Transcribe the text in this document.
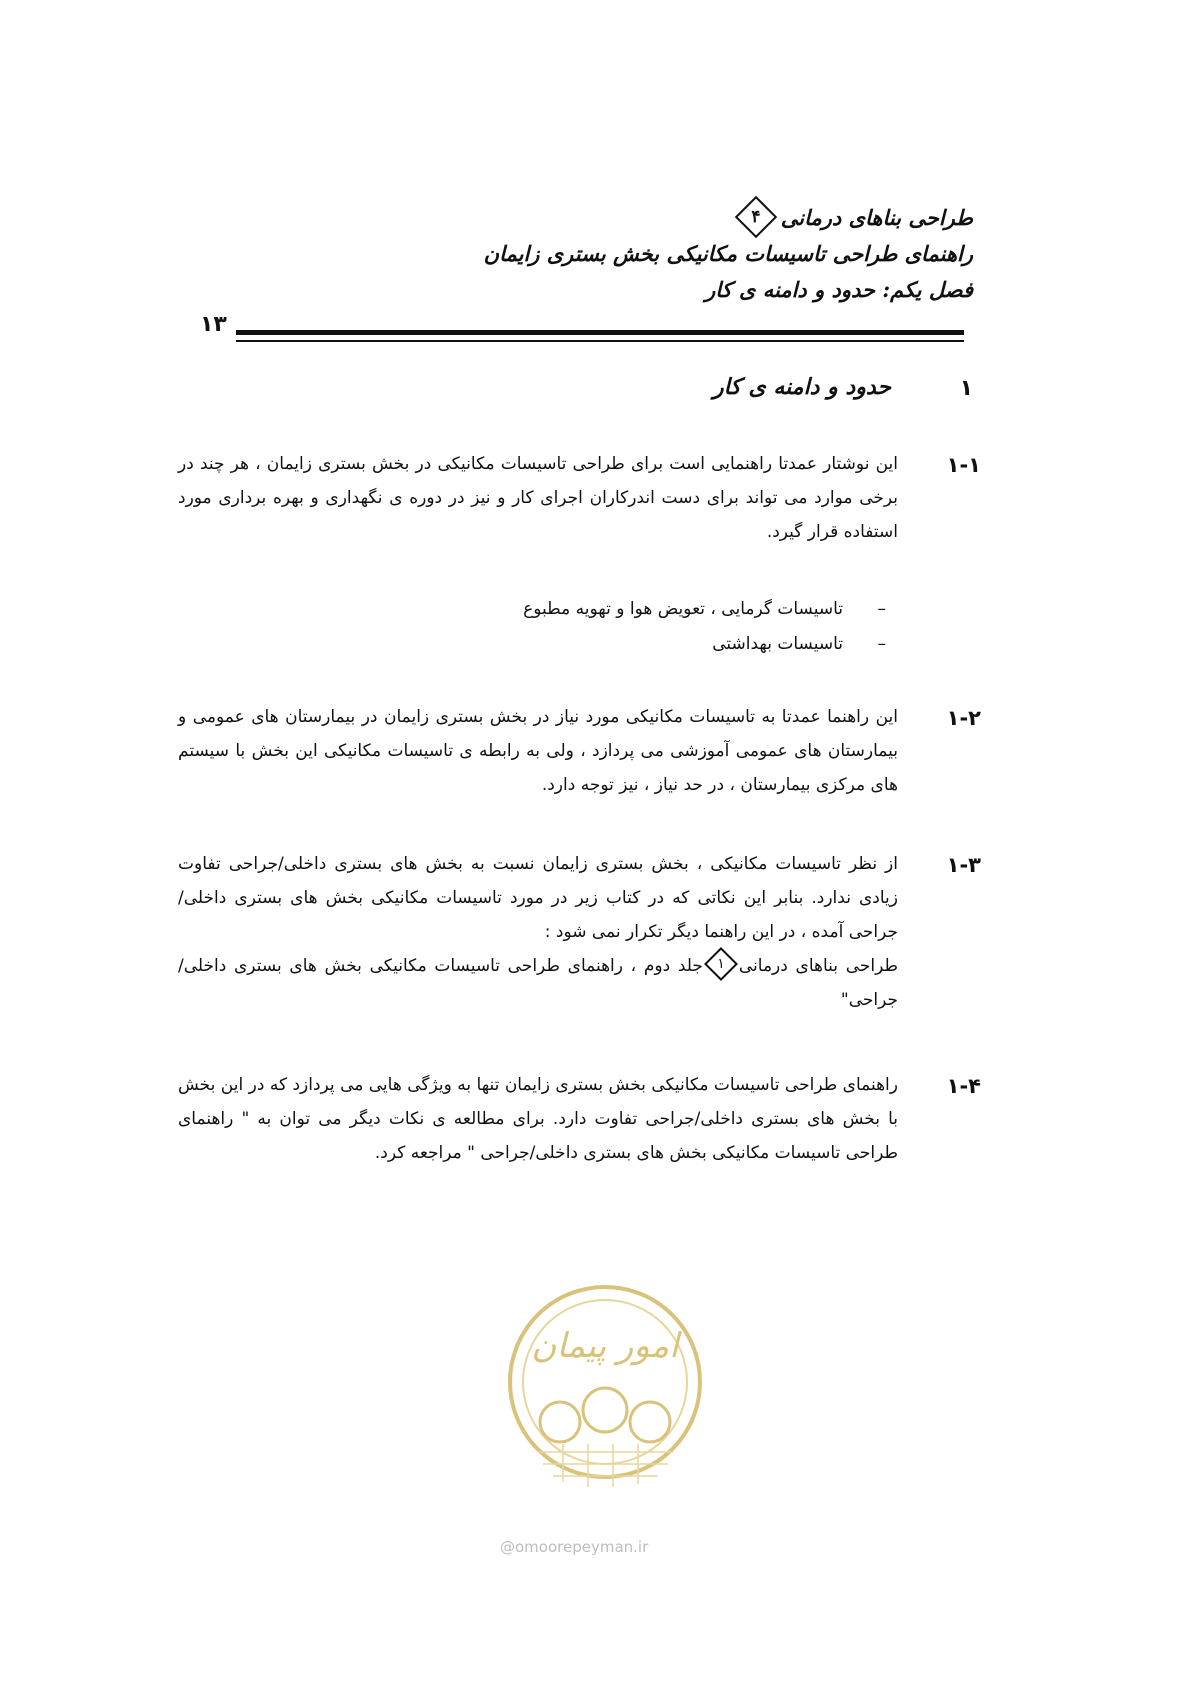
طراحی بناهای درمانی
۴
راهنمای طراحی تاسیسات مکانیکی بخش بستری زایمان
فصل یکم: حدود و دامنه ی کار
۱۳
۱
حدود و دامنه ی کار
۱-۱
این نوشتار عمدتا راهنمایی است برای طراحی تاسیسات مکانیکی در بخش بستری زایمان ، هر چند در برخی موارد می تواند برای دست اندرکاران اجرای کار و نیز در دوره ی نگهداری و بهره برداری مورد استفاده قرار گیرد.
– تاسیسات گرمایی ، تعویض هوا و تهویه مطبوع
– تاسیسات بهداشتی
۱-۲
این راهنما عمدتا به تاسیسات مکانیکی مورد نیاز در بخش بستری زایمان در بیمارستان های عمومی و بیمارستان های عمومی آموزشی می پردازد ، ولی به رابطه ی تاسیسات مکانیکی این بخش با سیستم های مرکزی بیمارستان ، در حد نیاز ، نیز توجه دارد.
۱-۳
از نظر تاسیسات مکانیکی ، بخش بستری زایمان نسبت به بخش های بستری داخلی/جراحی تفاوت زیادی ندارد. بنابر این نکاتی که در کتاب زیر در مورد تاسیسات مکانیکی بخش های بستری داخلی/جراحی آمده ، در این راهنما دیگر تکرار نمی شود :
طراحی بناهای درمانی
۱
جلد دوم ، راهنمای طراحی تاسیسات مکانیکی بخش های بستری داخلی/جراحی"
۱-۴
راهنمای طراحی تاسیسات مکانیکی بخش بستری زایمان تنها به ویژگی هایی می پردازد که در این بخش با بخش های بستری داخلی/جراحی تفاوت دارد. برای مطالعه ی نکات دیگر می توان به " راهنمای طراحی تاسیسات مکانیکی بخش های بستری داخلی/جراحی " مراجعه کرد.
امور پیمان
@omoorepeyman.ir
